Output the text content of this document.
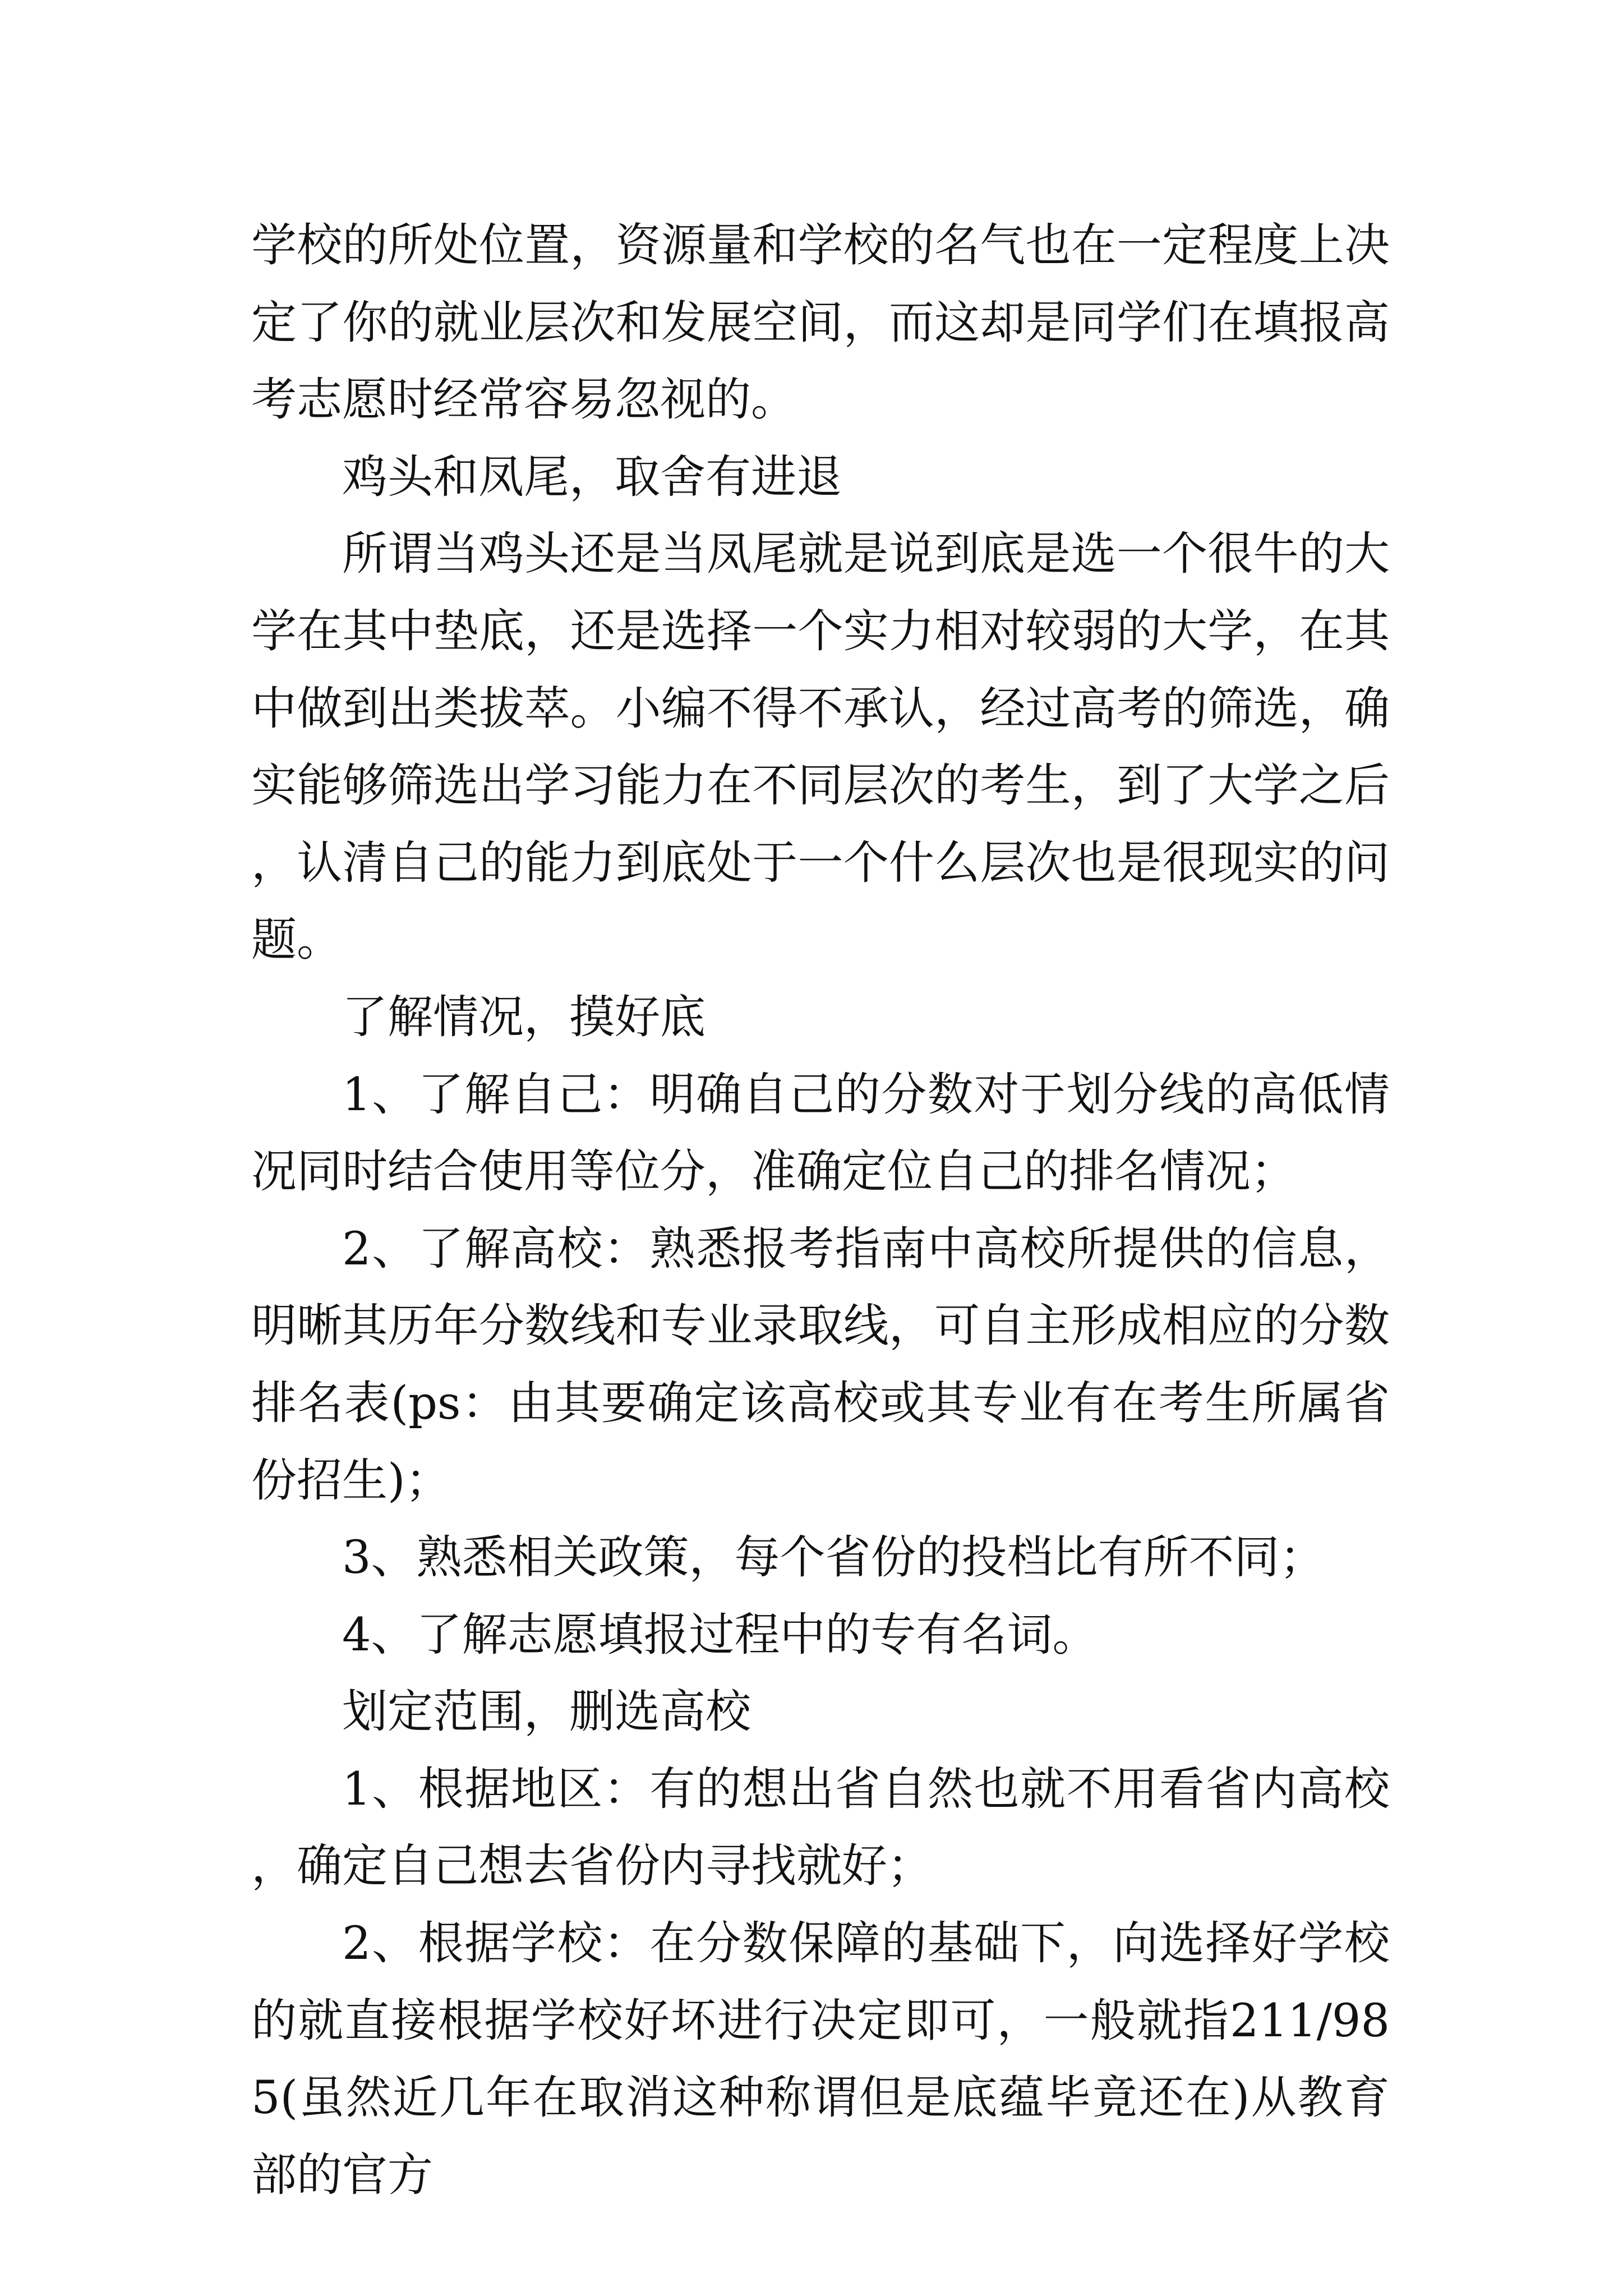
学校的所处位置，资源量和学校的名气也在一定程度上决定了你的就业层次和发展空间，而这却是同学们在填报高考志愿时经常容易忽视的。

鸡头和凤尾，取舍有进退

所谓当鸡头还是当凤尾就是说到底是选一个很牛的大学在其中垫底，还是选择一个实力相对较弱的大学，在其中做到出类拔萃。小编不得不承认，经过高考的筛选，确实能够筛选出学习能力在不同层次的考生，到了大学之后，认清自己的能力到底处于一个什么层次也是很现实的问题。

了解情况，摸好底

1、了解自己：明确自己的分数对于划分线的高低情况同时结合使用等位分，准确定位自己的排名情况；

2、了解高校：熟悉报考指南中高校所提供的信息，明晰其历年分数线和专业录取线，可自主形成相应的分数排名表(ps：由其要确定该高校或其专业有在考生所属省份招生)；

3、熟悉相关政策，每个省份的投档比有所不同；

4、了解志愿填报过程中的专有名词。

划定范围，删选高校

1、根据地区：有的想出省自然也就不用看省内高校，确定自己想去省份内寻找就好；

2、根据学校：在分数保障的基础下，向选择好学校的就直接根据学校好坏进行决定即可，一般就指211/985(虽然近几年在取消这种称谓但是底蕴毕竟还在)从教育部的官方
